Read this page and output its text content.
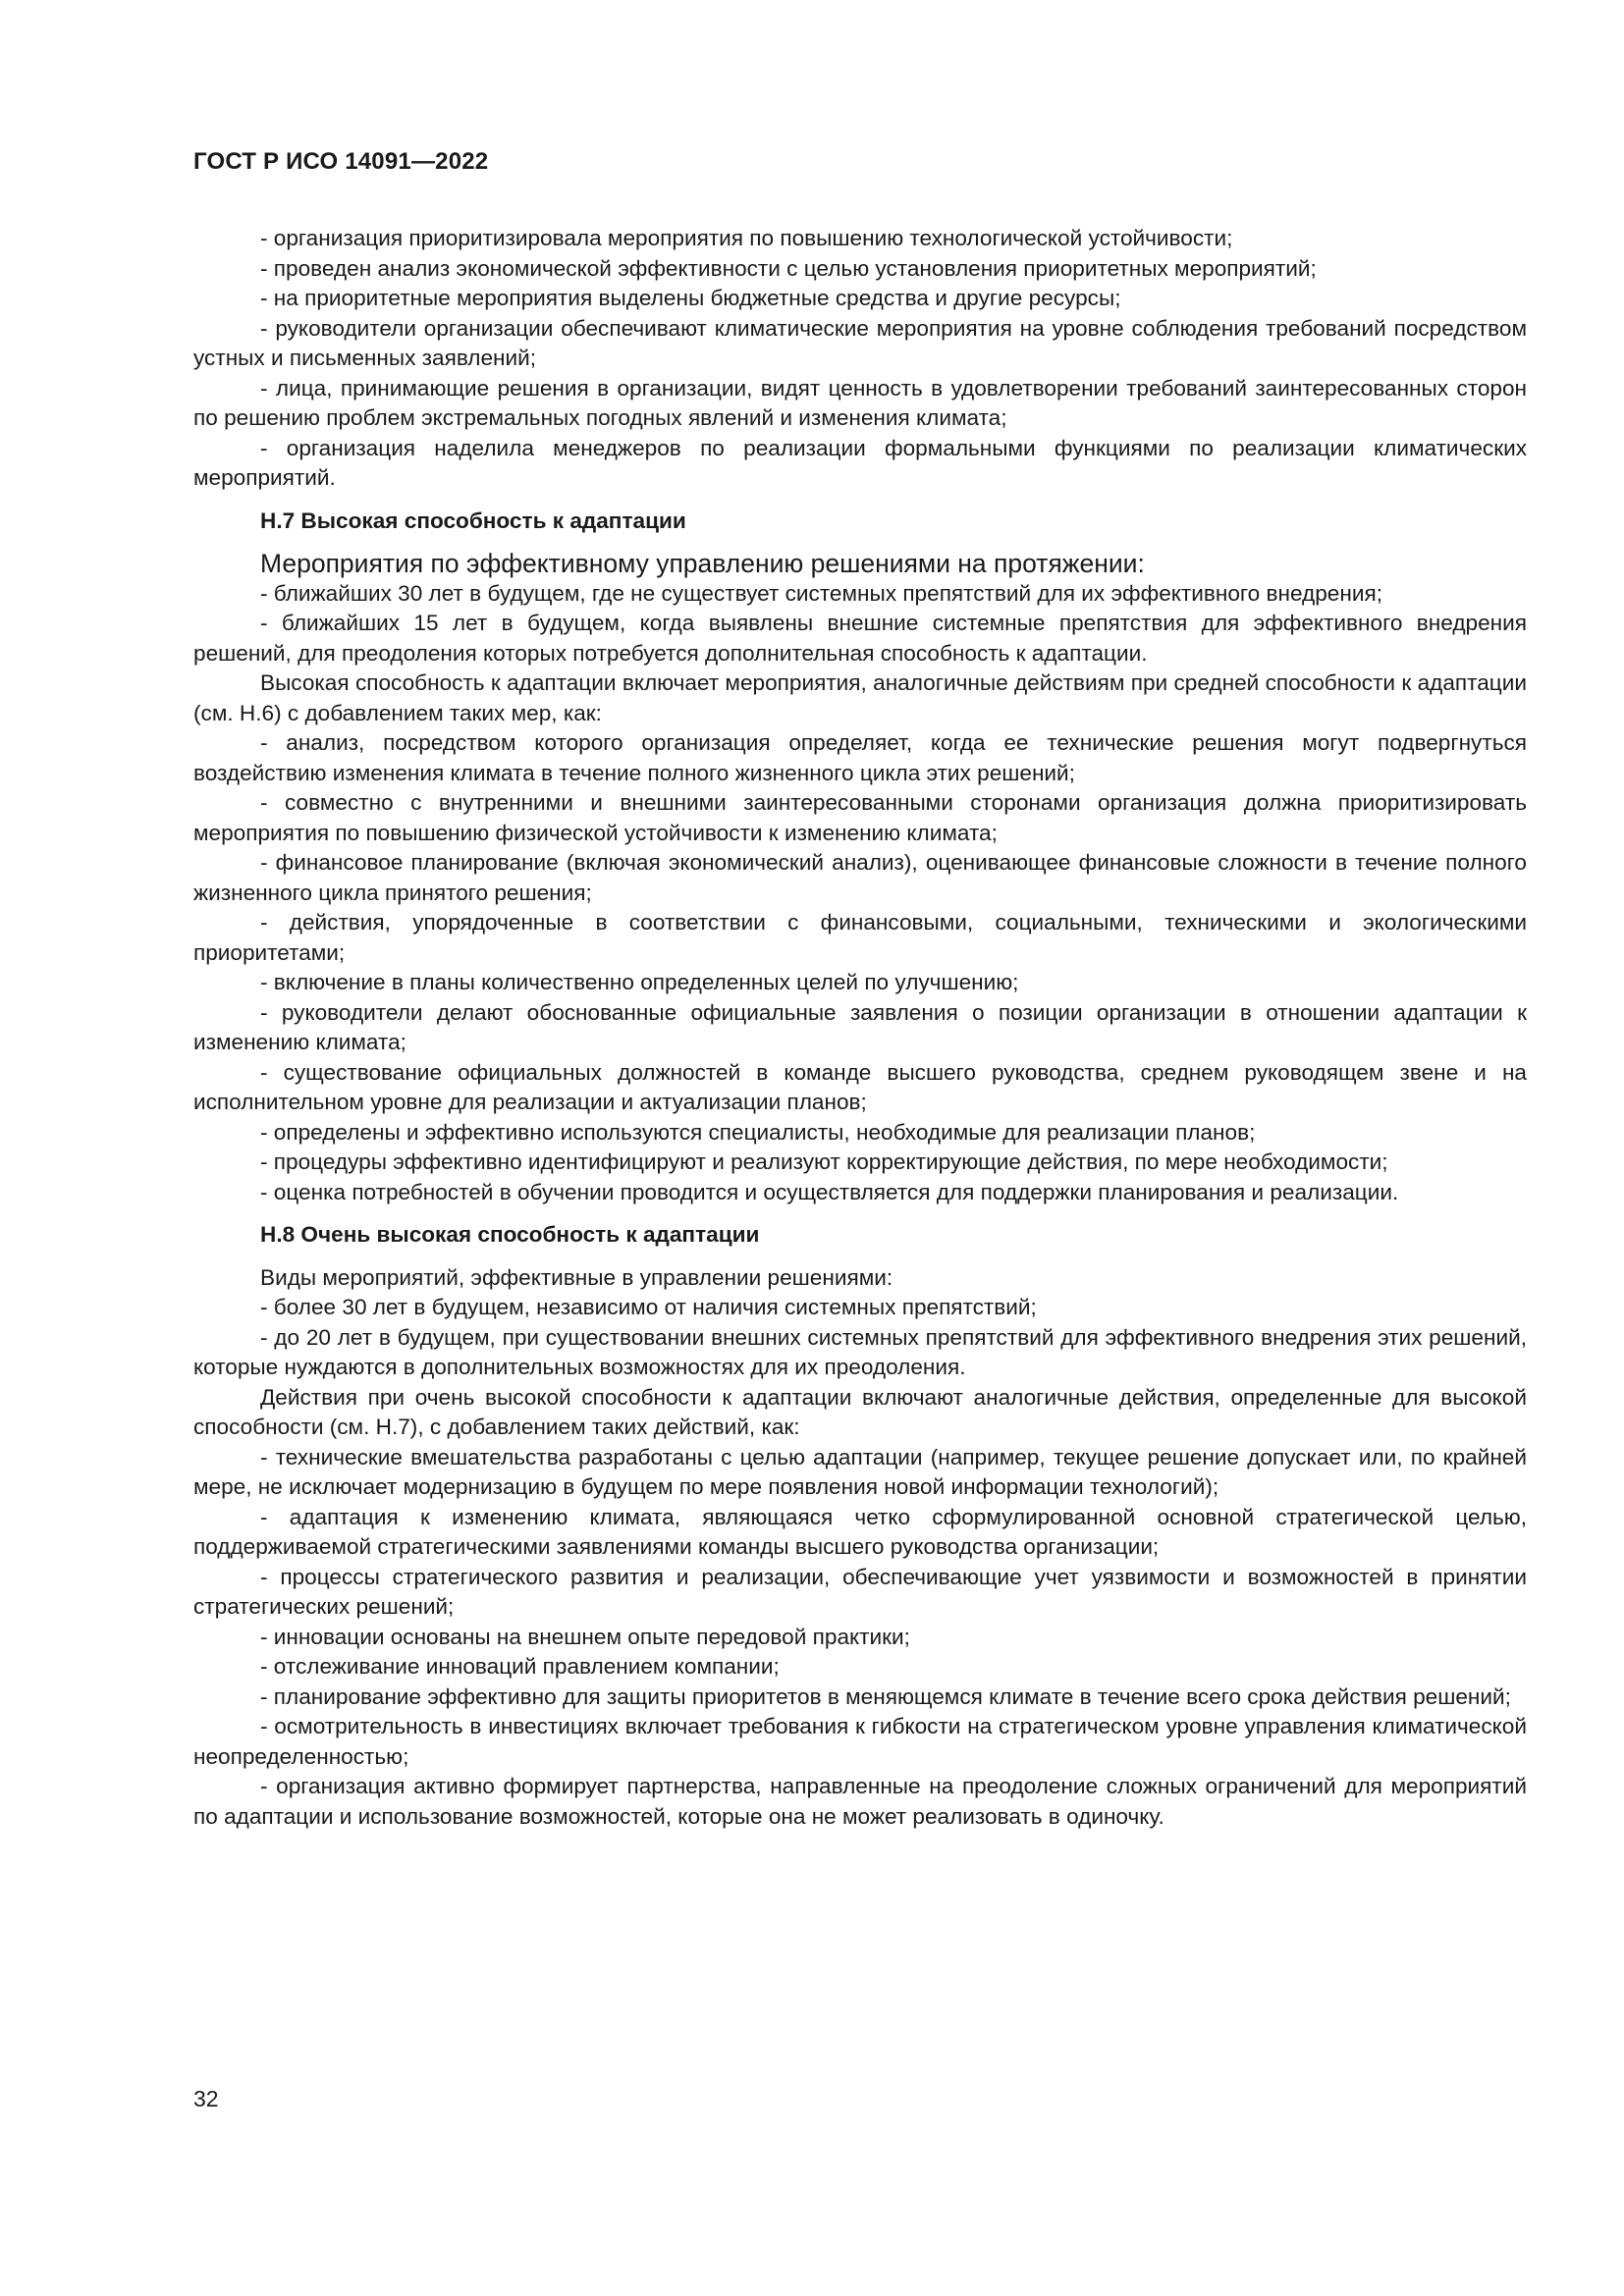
ГОСТ Р ИСО 14091—2022

- организация приоритизировала мероприятия по повышению технологической устойчивости;

- проведен анализ экономической эффективности с целью установления приоритетных мероприятий;

- на приоритетные мероприятия выделены бюджетные средства и другие ресурсы;

- руководители организации обеспечивают климатические мероприятия на уровне соблюдения требований посредством устных и письменных заявлений;

- лица, принимающие решения в организации, видят ценность в удовлетворении требований заинтересованных сторон по решению проблем экстремальных погодных явлений и изменения климата;

- организация наделила менеджеров по реализации формальными функциями по реализации климатических мероприятий.

Н.7 Высокая способность к адаптации

Мероприятия по эффективному управлению решениями на протяжении:

- ближайших 30 лет в будущем, где не существует системных препятствий для их эффективного внедрения;

- ближайших 15 лет в будущем, когда выявлены внешние системные препятствия для эффективного внедрения решений, для преодоления которых потребуется дополнительная способность к адаптации.

Высокая способность к адаптации включает мероприятия, аналогичные действиям при средней способности к адаптации (см. Н.6) с добавлением таких мер, как:

- анализ, посредством которого организация определяет, когда ее технические решения могут подвергнуться воздействию изменения климата в течение полного жизненного цикла этих решений;

- совместно с внутренними и внешними заинтересованными сторонами организация должна приоритизировать мероприятия по повышению физической устойчивости к изменению климата;

- финансовое планирование (включая экономический анализ), оценивающее финансовые сложности в течение полного жизненного цикла принятого решения;

- действия, упорядоченные в соответствии с финансовыми, социальными, техническими и экологическими приоритетами;

- включение в планы количественно определенных целей по улучшению;

- руководители делают обоснованные официальные заявления о позиции организации в отношении адаптации к изменению климата;

- существование официальных должностей в команде высшего руководства, среднем руководящем звене и на исполнительном уровне для реализации и актуализации планов;

- определены и эффективно используются специалисты, необходимые для реализации планов;

- процедуры эффективно идентифицируют и реализуют корректирующие действия, по мере необходимости;

- оценка потребностей в обучении проводится и осуществляется для поддержки планирования и реализации.

Н.8 Очень высокая способность к адаптации

Виды мероприятий, эффективные в управлении решениями:

- более 30 лет в будущем, независимо от наличия системных препятствий;

- до 20 лет в будущем, при существовании внешних системных препятствий для эффективного внедрения этих решений, которые нуждаются в дополнительных возможностях для их преодоления.

Действия при очень высокой способности к адаптации включают аналогичные действия, определенные для высокой способности (см. Н.7), с добавлением таких действий, как:

- технические вмешательства разработаны с целью адаптации (например, текущее решение допускает или, по крайней мере, не исключает модернизацию в будущем по мере появления новой информации технологий);

- адаптация к изменению климата, являющаяся четко сформулированной основной стратегической целью, поддерживаемой стратегическими заявлениями команды высшего руководства организации;

- процессы стратегического развития и реализации, обеспечивающие учет уязвимости и возможностей в принятии стратегических решений;

- инновации основаны на внешнем опыте передовой практики;

- отслеживание инноваций правлением компании;

- планирование эффективно для защиты приоритетов в меняющемся климате в течение всего срока действия решений;

- осмотрительность в инвестициях включает требования к гибкости на стратегическом уровне управления климатической неопределенностью;

- организация активно формирует партнерства, направленные на преодоление сложных ограничений для мероприятий по адаптации и использование возможностей, которые она не может реализовать в одиночку.

32
